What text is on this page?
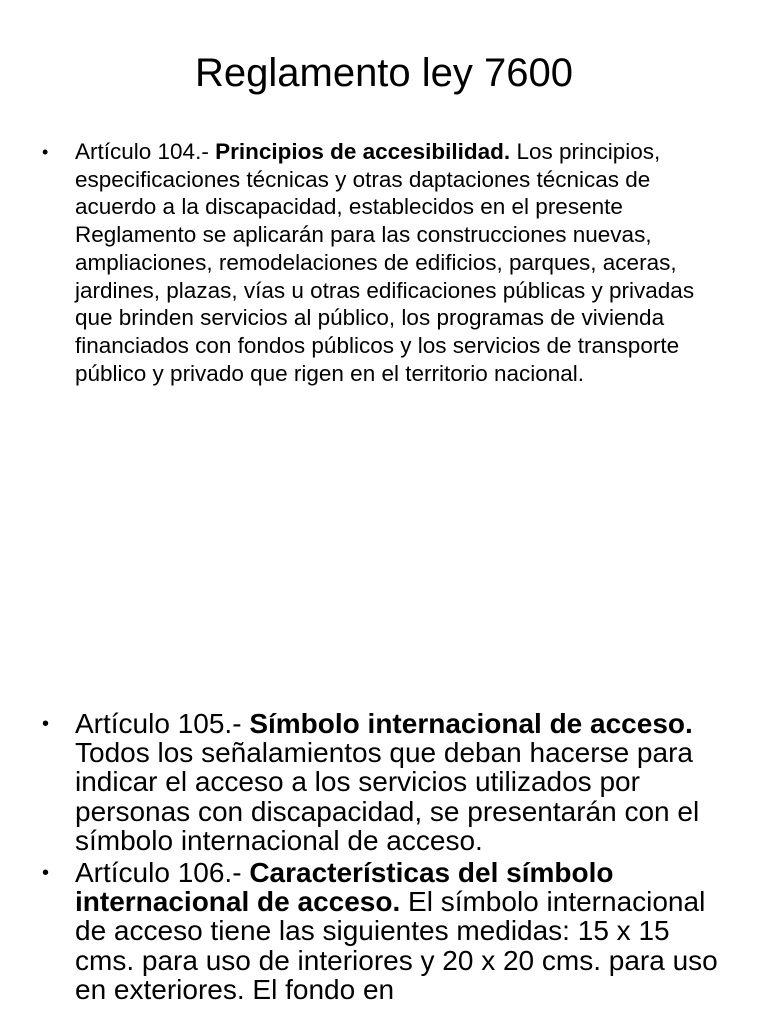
Reglamento ley 7600
• Artículo 104.- Principios de accesibilidad. Los principios, especificaciones técnicas y otras daptaciones técnicas de acuerdo a la discapacidad, establecidos en el presente Reglamento se aplicarán para las construcciones nuevas, ampliaciones, remodelaciones de edificios, parques, aceras, jardines, plazas, vías u otras edificaciones públicas y privadas que brinden servicios al público, los programas de vivienda financiados con fondos públicos y los servicios de transporte público y privado que rigen en el territorio nacional.
• Artículo 105.- Símbolo internacional de acceso. Todos los señalamientos que deban hacerse para indicar el acceso a los servicios utilizados por personas con discapacidad, se presentarán con el símbolo internacional de acceso.
• Artículo 106.- Características del símbolo internacional de acceso. El símbolo internacional de acceso tiene las siguientes medidas: 15 x 15 cms. para uso de interiores y 20 x 20 cms. para uso en exteriores. El fondo en
